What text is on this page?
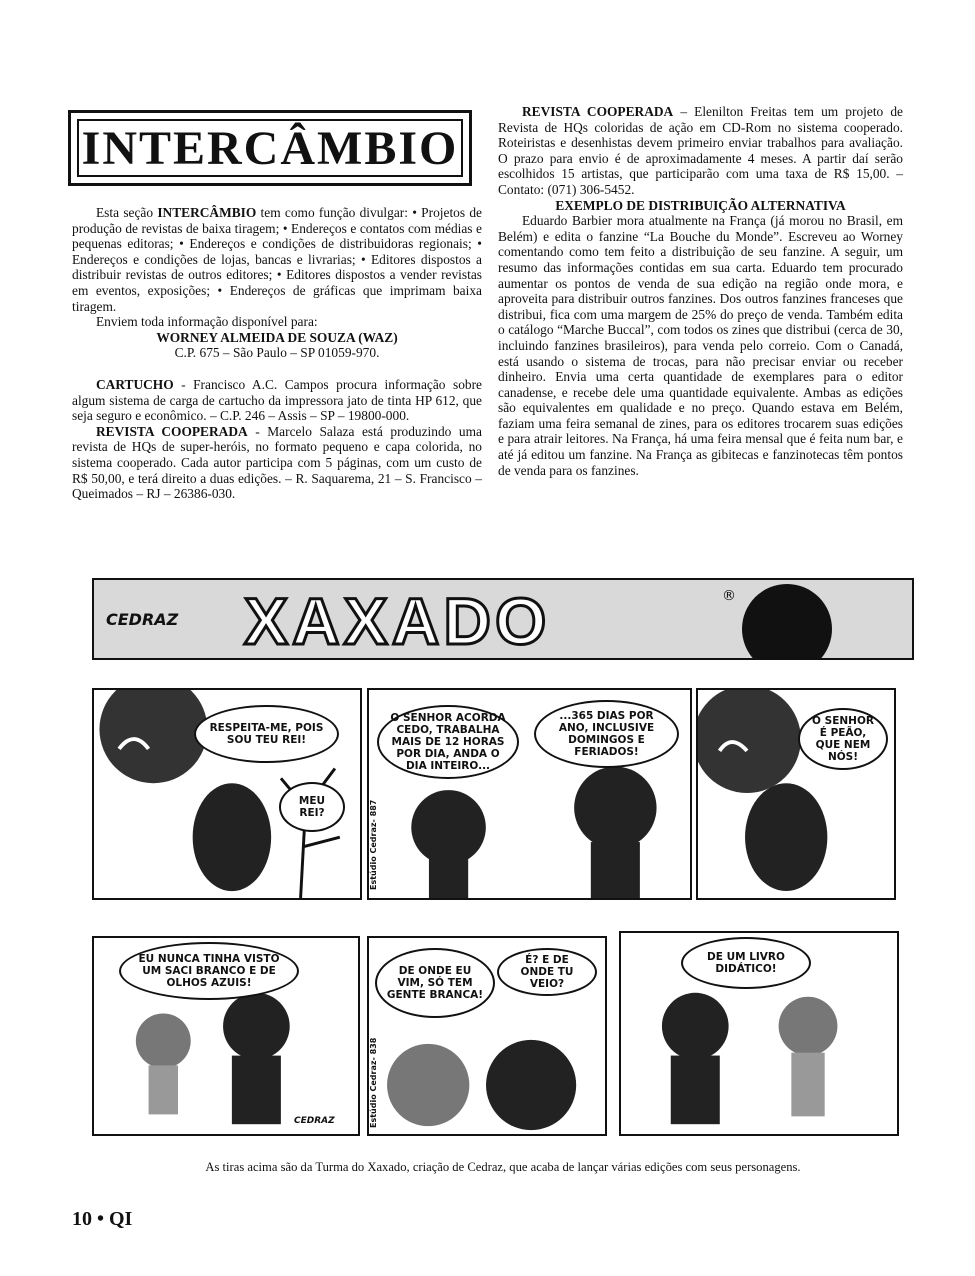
INTERCÂMBIO

Esta seção INTERCÂMBIO tem como função divulgar: • Projetos de produção de revistas de baixa tiragem; • Endereços e contatos com médias e pequenas editoras; • Endereços e condições de distribuidoras regionais; • Endereços e condições de lojas, bancas e livrarias; • Editores dispostos a distribuir revistas de outros editores; • Editores dispostos a vender revistas em eventos, exposições; • Endereços de gráficas que imprimam baixa tiragem.

Enviem toda informação disponível para:

WORNEY ALMEIDA DE SOUZA (WAZ)

C.P. 675 – São Paulo – SP 01059-970.

CARTUCHO - Francisco A.C. Campos procura informação sobre algum sistema de carga de cartucho da impressora jato de tinta HP 612, que seja seguro e econômico. – C.P. 246 – Assis – SP – 19800-000.

REVISTA COOPERADA - Marcelo Salaza está produzindo uma revista de HQs de super-heróis, no formato pequeno e capa colorida, no sistema cooperado. Cada autor participa com 5 páginas, com um custo de R$ 50,00, e terá direito a duas edições. – R. Saquarema, 21 – S. Francisco – Queimados – RJ – 26386-030.

REVISTA COOPERADA – Elenilton Freitas tem um projeto de Revista de HQs coloridas de ação em CD-Rom no sistema cooperado. Roteiristas e desenhistas devem primeiro enviar trabalhos para avaliação. O prazo para envio é de aproximadamente 4 meses. A partir daí serão escolhidos 15 artistas, que participarão com uma taxa de R$ 15,00. – Contato: (071) 306-5452.

EXEMPLO DE DISTRIBUIÇÃO ALTERNATIVA

Eduardo Barbier mora atualmente na França (já morou no Brasil, em Belém) e edita o fanzine “La Bouche du Monde”. Escreveu ao Worney comentando como tem feito a distribuição de seu fanzine. A seguir, um resumo das informações contidas em sua carta. Eduardo tem procurado aumentar os pontos de venda de sua edição na região onde mora, e aproveita para distribuir outros fanzines. Dos outros fanzines franceses que distribui, fica com uma margem de 25% do preço de venda. Também edita o catálogo “Marche Buccal”, com todos os zines que distribui (cerca de 30, incluindo fanzines brasileiros), para venda pelo correio. Com o Canadá, está usando o sistema de trocas, para não precisar enviar ou receber dinheiro. Envia uma certa quantidade de exemplares para o editor canadense, e recebe dele uma quantidade equivalente. Ambas as edições são equivalentes em qualidade e no preço. Quando estava em Belém, faziam uma feira semanal de zines, para os editores trocarem suas edições e para atrair leitores. Na França, há uma feira mensal que é feita num bar, e até já editou um fanzine. Na França as gibitecas e fanzinotecas têm pontos de venda para os fanzines.

CEDRAZ XAXADO	®
RESPEITA-ME, POIS SOU TEU REI!
MEU REI?
O SENHOR ACORDA CEDO, TRABALHA MAIS DE 12 HORAS POR DIA, ANDA O DIA INTEIRO...
...365 DIAS POR ANO, INCLUSIVE DOMINGOS E FERIADOS!
Estúdio Cedraz- 887
O SENHOR É PEÃO, QUE NEM NÓS!
EU NUNCA TINHA VISTO UM SACI BRANCO E DE OLHOS AZUIS!
CEDRAZ
DE ONDE EU VIM, SÓ TEM GENTE BRANCA!
É? E DE ONDE TU VEIO?
Estúdio Cedraz- 838
DE UM LIVRO DIDÁTICO!
As tiras acima são da Turma do Xaxado, criação de Cedraz, que acaba de lançar várias edições com seus personagens.
10 • QI
